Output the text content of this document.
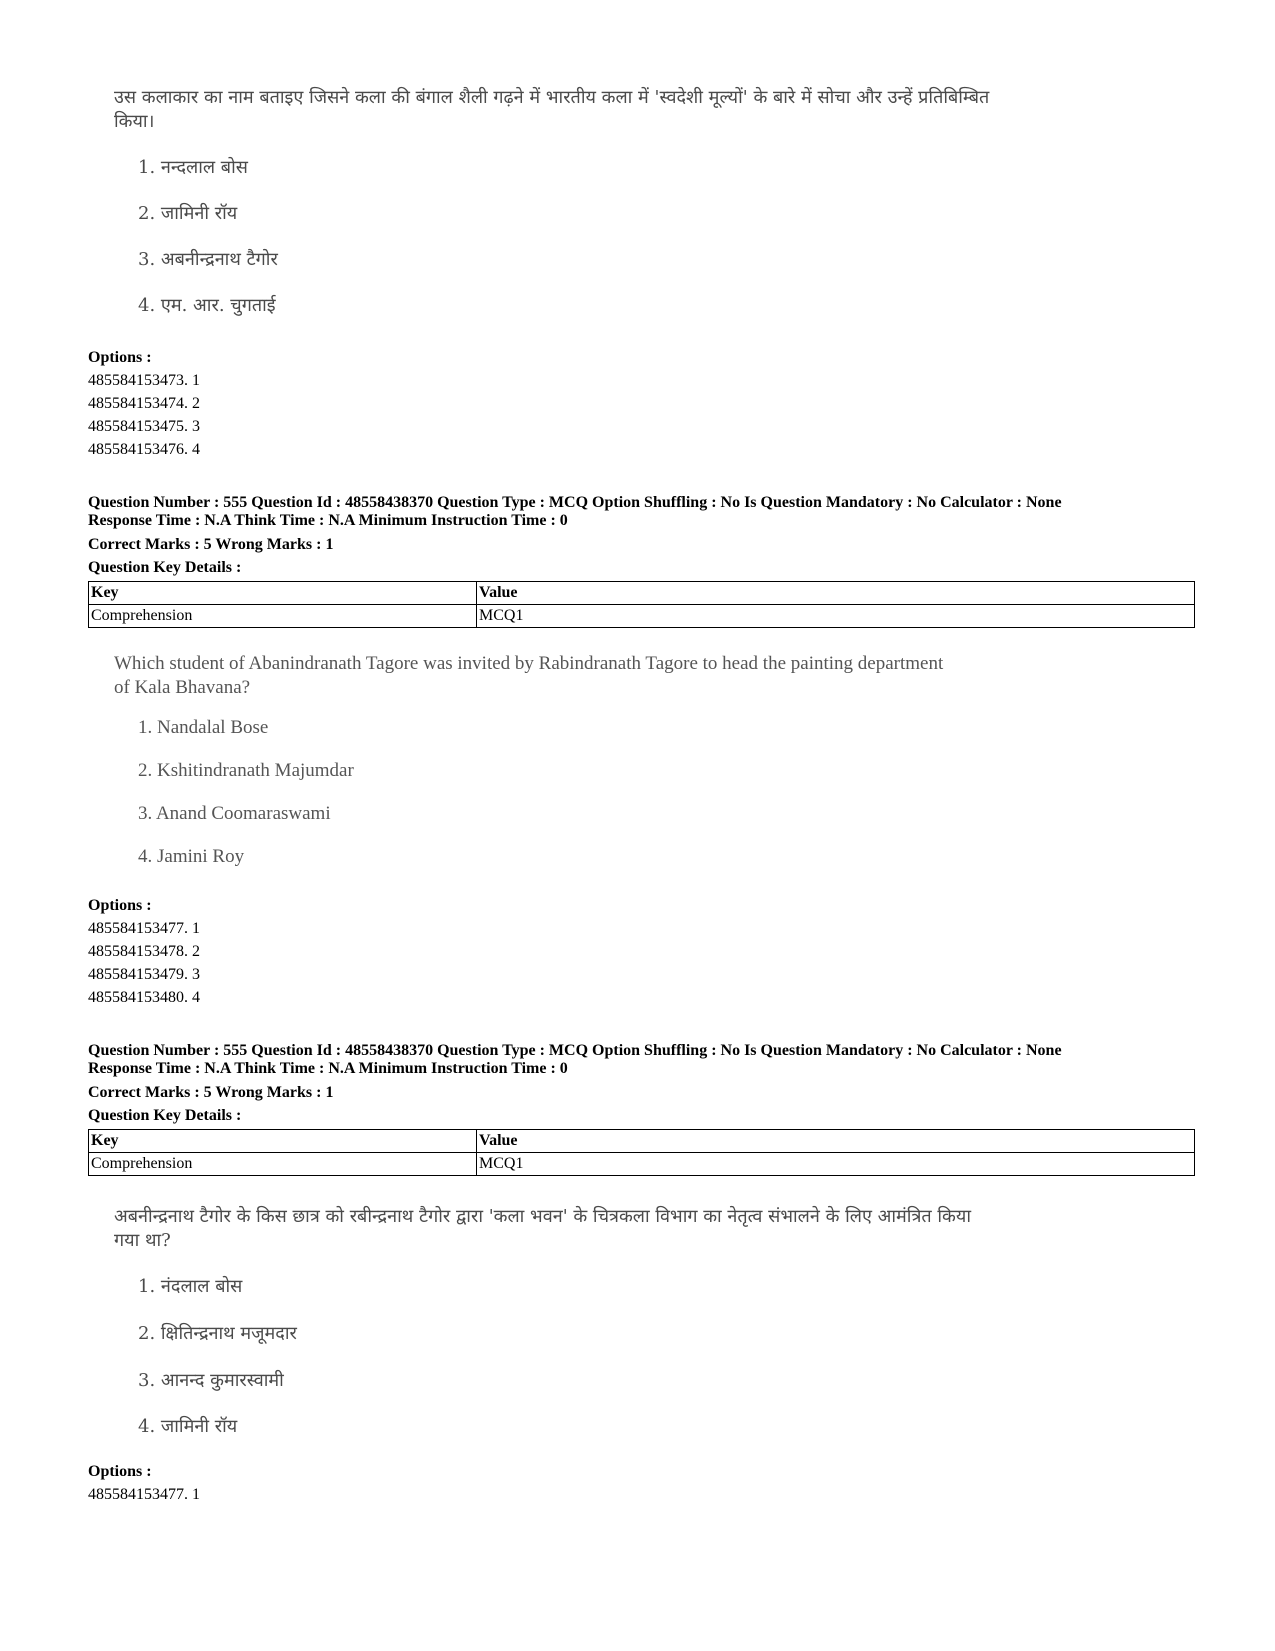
उस कलाकार का नाम बताइए जिसने कला की बंगाल शैली गढ़ने में भारतीय कला में 'स्वदेशी मूल्यों' के बारे में सोचा और उन्हें प्रतिबिम्बित किया।

1. नन्दलाल बोस
2. जामिनी रॉय
3. अबनीन्द्रनाथ टैगोर
4. एम. आर. चुगताई
Options :
485584153473. 1
485584153474. 2
485584153475. 3
485584153476. 4
Question Number : 555 Question Id : 48558438370 Question Type : MCQ Option Shuffling : No Is Question Mandatory : No Calculator : None
Response Time : N.A Think Time : N.A Minimum Instruction Time : 0
Correct Marks : 5 Wrong Marks : 1
Question Key Details :
Key	Value
Comprehension	MCQ1

Which student of Abanindranath Tagore was invited by Rabindranath Tagore to head the painting department of Kala Bhavana?

1. Nandalal Bose
2. Kshitindranath Majumdar
3. Anand Coomaraswami
4. Jamini Roy
Options :
485584153477. 1
485584153478. 2
485584153479. 3
485584153480. 4
Question Number : 555 Question Id : 48558438370 Question Type : MCQ Option Shuffling : No Is Question Mandatory : No Calculator : None
Response Time : N.A Think Time : N.A Minimum Instruction Time : 0
Correct Marks : 5 Wrong Marks : 1
Question Key Details :
Key	Value
Comprehension	MCQ1

अबनीन्द्रनाथ टैगोर के किस छात्र को रबीन्द्रनाथ टैगोर द्वारा 'कला भवन' के चित्रकला विभाग का नेतृत्व संभालने के लिए आमंत्रित किया गया था?

1. नंदलाल बोस
2. क्षितिन्द्रनाथ मजूमदार
3. आनन्द कुमारस्वामी
4. जामिनी रॉय
Options :
485584153477. 1
